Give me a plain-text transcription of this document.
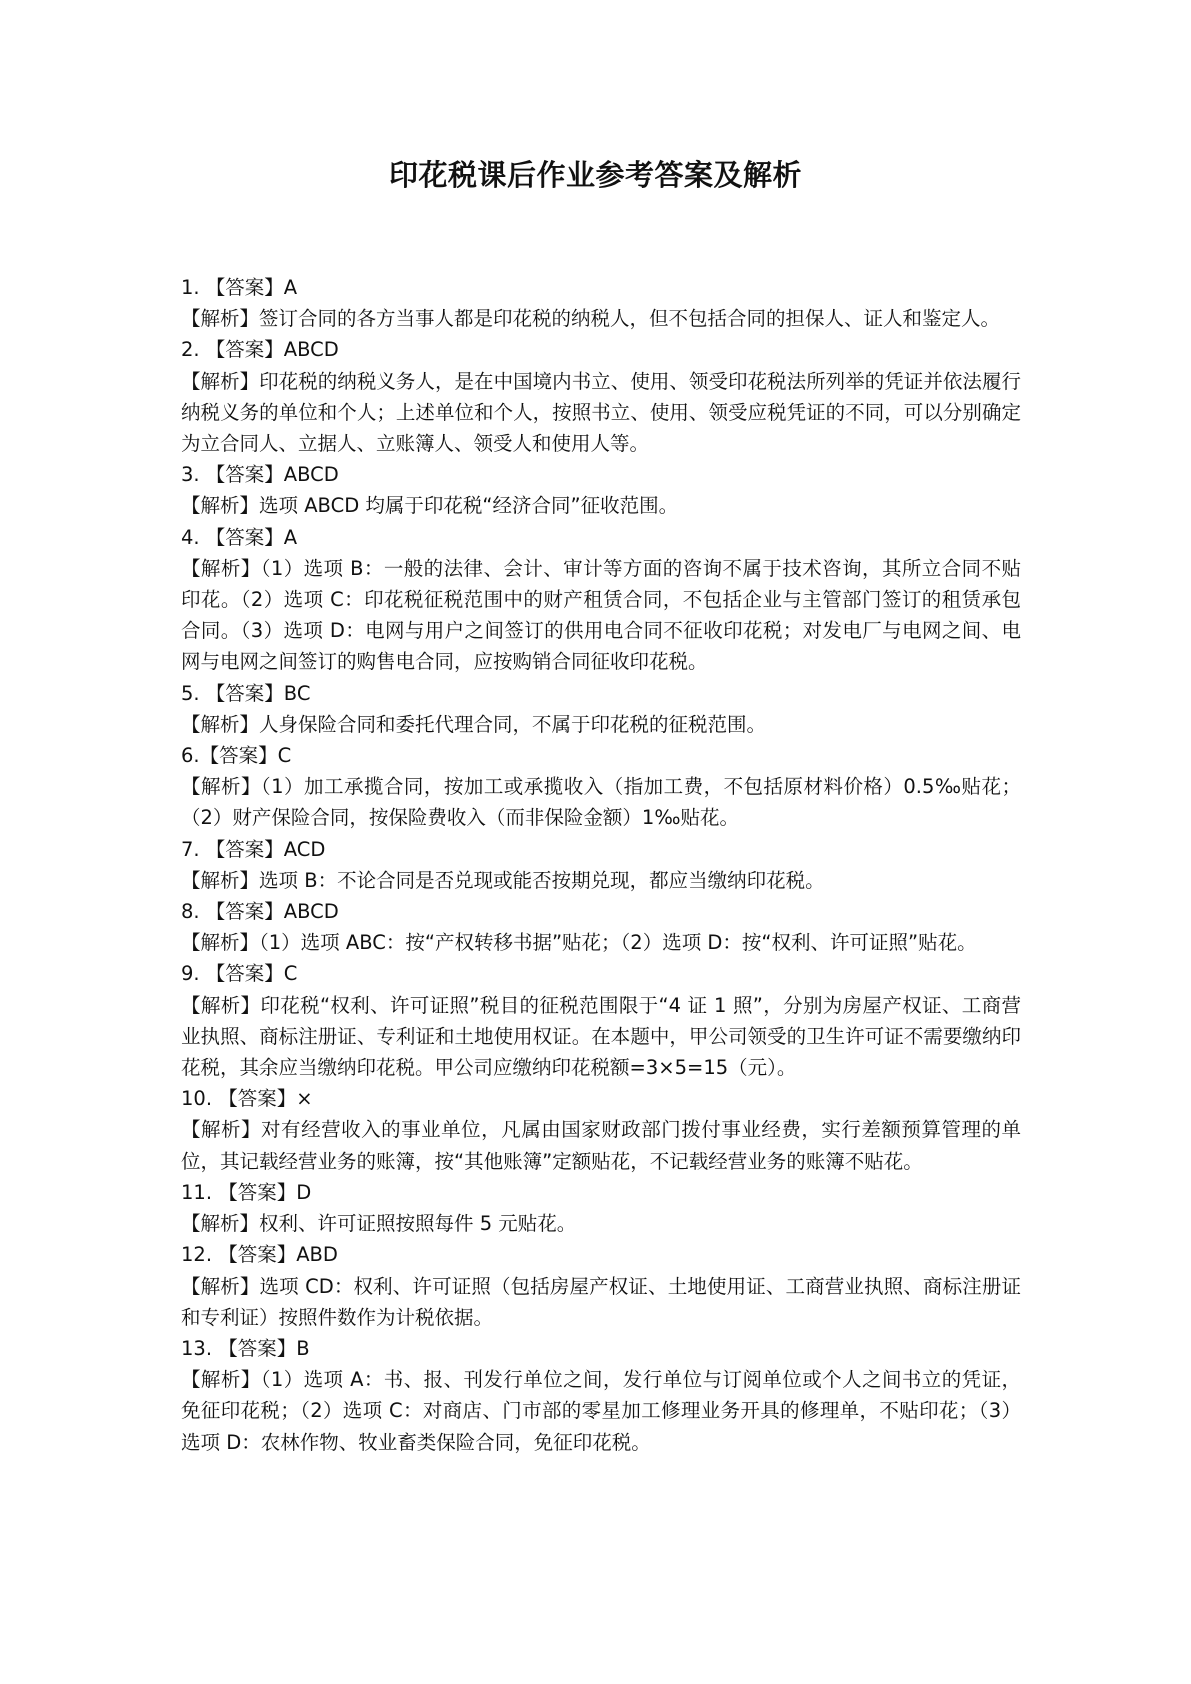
印花税课后作业参考答案及解析

1. 【答案】A

【解析】签订合同的各方当事人都是印花税的纳税人，但不包括合同的担保人、证人和鉴定人。

2. 【答案】ABCD

【解析】印花税的纳税义务人，是在中国境内书立、使用、领受印花税法所列举的凭证并依法履行纳税义务的单位和个人；上述单位和个人，按照书立、使用、领受应税凭证的不同，可以分别确定为立合同人、立据人、立账簿人、领受人和使用人等。

3. 【答案】ABCD

【解析】选项 ABCD 均属于印花税“经济合同”征收范围。

4. 【答案】A

【解析】（1）选项 B：一般的法律、会计、审计等方面的咨询不属于技术咨询，其所立合同不贴印花。（2）选项 C：印花税征税范围中的财产租赁合同，不包括企业与主管部门签订的租赁承包合同。（3）选项 D：电网与用户之间签订的供用电合同不征收印花税；对发电厂与电网之间、电网与电网之间签订的购售电合同，应按购销合同征收印花税。

5. 【答案】BC

【解析】人身保险合同和委托代理合同，不属于印花税的征税范围。

6.【答案】C

【解析】（1）加工承揽合同，按加工或承揽收入（指加工费，不包括原材料价格）0.5‰贴花；（2）财产保险合同，按保险费收入（而非保险金额）1‰贴花。

7. 【答案】ACD

【解析】选项 B：不论合同是否兑现或能否按期兑现，都应当缴纳印花税。

8. 【答案】ABCD

【解析】（1）选项 ABC：按“产权转移书据”贴花；（2）选项 D：按“权利、许可证照”贴花。

9. 【答案】C

【解析】印花税“权利、许可证照”税目的征税范围限于“4 证 1 照”，分别为房屋产权证、工商营业执照、商标注册证、专利证和土地使用权证。在本题中，甲公司领受的卫生许可证不需要缴纳印花税，其余应当缴纳印花税。甲公司应缴纳印花税额=3×5=15（元）。

10. 【答案】×

【解析】对有经营收入的事业单位，凡属由国家财政部门拨付事业经费，实行差额预算管理的单位，其记载经营业务的账簿，按“其他账簿”定额贴花，不记载经营业务的账簿不贴花。

11. 【答案】D

【解析】权利、许可证照按照每件 5 元贴花。

12. 【答案】ABD

【解析】选项 CD：权利、许可证照（包括房屋产权证、土地使用证、工商营业执照、商标注册证和专利证）按照件数作为计税依据。

13. 【答案】B

【解析】（1）选项 A：书、报、刊发行单位之间，发行单位与订阅单位或个人之间书立的凭证，免征印花税；（2）选项 C：对商店、门市部的零星加工修理业务开具的修理单，不贴印花；（3）选项 D：农林作物、牧业畜类保险合同，免征印花税。
